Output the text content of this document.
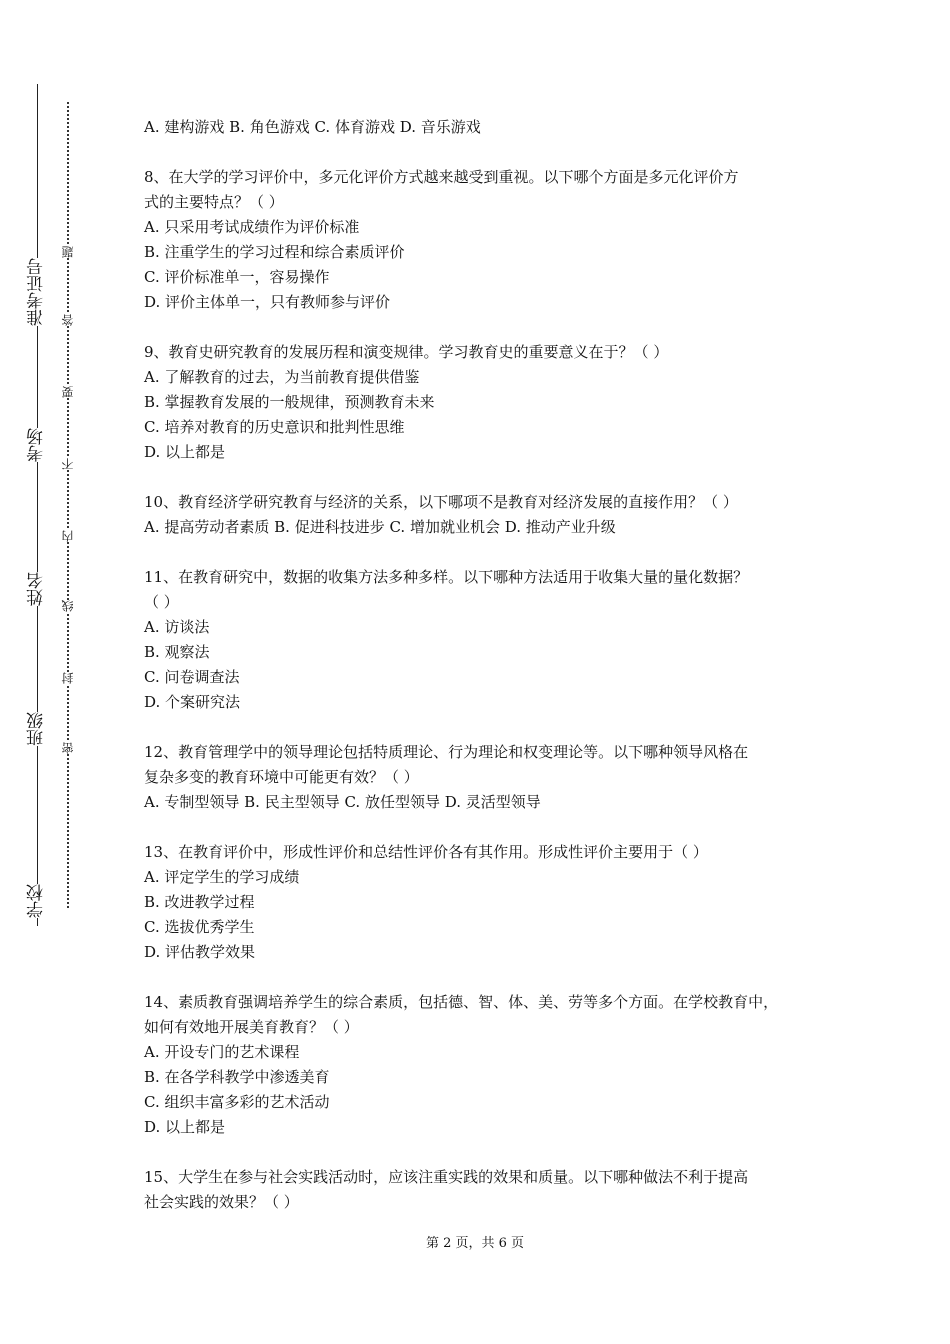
准考证号
考场
姓名
班级
学校
题
答
要
不
内
线
封
密
A. 建构游戏 B. 角色游戏 C. 体育游戏 D. 音乐游戏
8、在大学的学习评价中，多元化评价方式越来越受到重视。以下哪个方面是多元化评价方
式的主要特点？（ ）
A. 只采用考试成绩作为评价标准
B. 注重学生的学习过程和综合素质评价
C. 评价标准单一，容易操作
D. 评价主体单一，只有教师参与评价
9、教育史研究教育的发展历程和演变规律。学习教育史的重要意义在于？（ ）
A. 了解教育的过去，为当前教育提供借鉴
B. 掌握教育发展的一般规律，预测教育未来
C. 培养对教育的历史意识和批判性思维
D. 以上都是
10、教育经济学研究教育与经济的关系，以下哪项不是教育对经济发展的直接作用？（ ）
A. 提高劳动者素质 B. 促进科技进步 C. 增加就业机会 D. 推动产业升级
11、在教育研究中，数据的收集方法多种多样。以下哪种方法适用于收集大量的量化数据？
（ ）
A. 访谈法
B. 观察法
C. 问卷调查法
D. 个案研究法
12、教育管理学中的领导理论包括特质理论、行为理论和权变理论等。以下哪种领导风格在
复杂多变的教育环境中可能更有效？（ ）
A. 专制型领导 B. 民主型领导 C. 放任型领导 D. 灵活型领导
13、在教育评价中，形成性评价和总结性评价各有其作用。形成性评价主要用于（ ）
A. 评定学生的学习成绩
B. 改进教学过程
C. 选拔优秀学生
D. 评估教学效果
14、素质教育强调培养学生的综合素质，包括德、智、体、美、劳等多个方面。在学校教育中，
如何有效地开展美育教育？（ ）
A. 开设专门的艺术课程
B. 在各学科教学中渗透美育
C. 组织丰富多彩的艺术活动
D. 以上都是
15、大学生在参与社会实践活动时，应该注重实践的效果和质量。以下哪种做法不利于提高
社会实践的效果？（ ）
第 2 页，共 6 页
